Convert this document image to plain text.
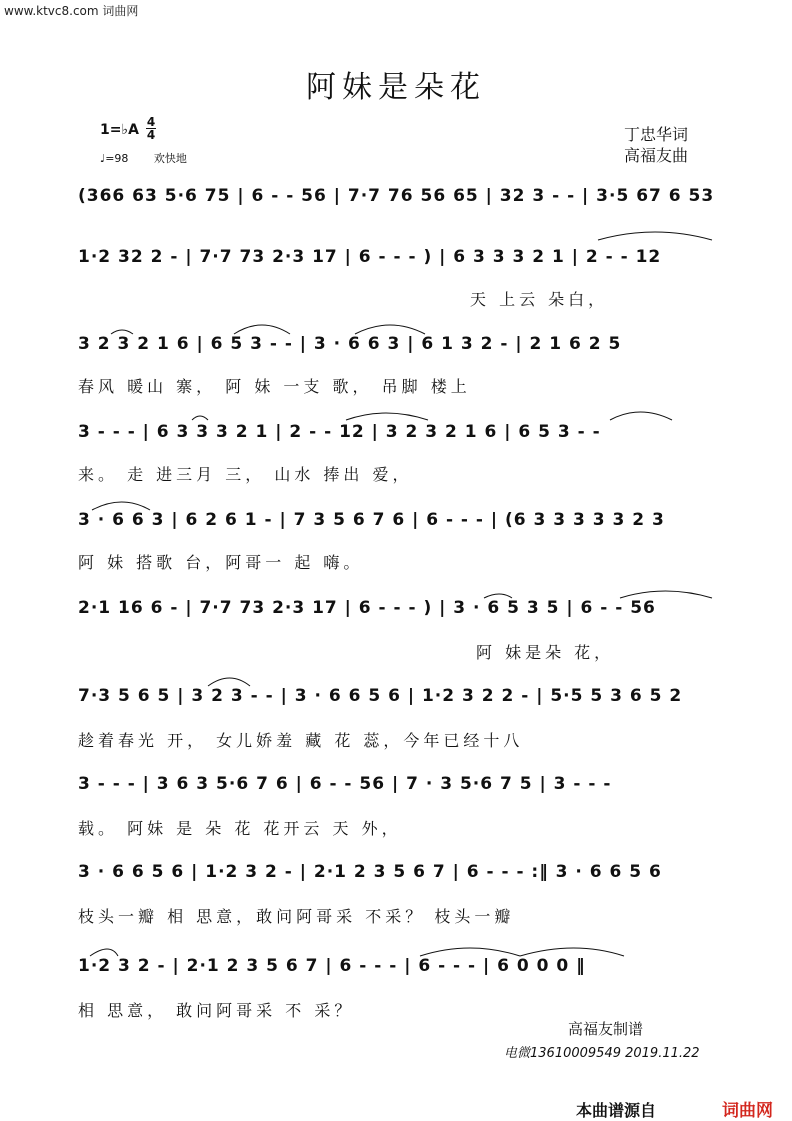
www.ktvc8.com 词曲网
阿妹是朵花
1=♭A 4
4
♩=98 欢快地
丁忠华词
高福友曲
(366 63 5·6 75 | 6 - - 56 | 7·7 76 56 65 | 32 3 - - | 3·5 67 6 53
1·2 32 2 - | 7·7 73 2·3 17 | 6 - - - ) | 6 3 3 3 2 1 | 2 - - 12
天 上云 朵白，
3 2 3 2 1 6 | 6 5 3 - - | 3 · 6 6 3 | 6 1 3 2 - | 2 1 6 2 5
春风 暖山 寨， 阿 妹 一支 歌， 吊脚 楼上
3 - - - | 6 3 3 3 2 1 | 2 - - 12 | 3 2 3 2 1 6 | 6 5 3 - -
来。 走 进三月 三， 山水 捧出 爱，
3 · 6 6 3 | 6 2 6 1 - | 7 3 5 6 7 6 | 6 - - - | (6 3 3 3 3 3 2 3
阿 妹 搭歌 台，阿哥一 起 嗨。
2·1 16 6 - | 7·7 73 2·3 17 | 6 - - - ) | 3 · 6 5 3 5 | 6 - - 56
阿 妹是朵 花，
7·3 5 6 5 | 3 2 3 - - | 3 · 6 6 5 6 | 1·2 3 2 2 - | 5·5 5 3 6 5 2
趁着春光 开， 女儿娇羞 藏 花 蕊，今年已经十八
3 - - - | 3 6 3 5·6 7 6 | 6 - - 56 | 7 · 3 5·6 7 5 | 3 - - -
载。 阿妹 是 朵 花 花开云 天 外，
3 · 6 6 5 6 | 1·2 3 2 - | 2·1 2 3 5 6 7 | 6 - - - :‖ 3 · 6 6 5 6
枝头一瓣 相 思意，敢问阿哥采 不采？ 枝头一瓣
1·2 3 2 - | 2·1 2 3 5 6 7 | 6 - - - | 6 - - - | 6 0 0 0 ‖
相 思意， 敢问阿哥采 不 采？
高福友制谱
电微13610009549 2019.11.22
本曲谱源自	词曲网
